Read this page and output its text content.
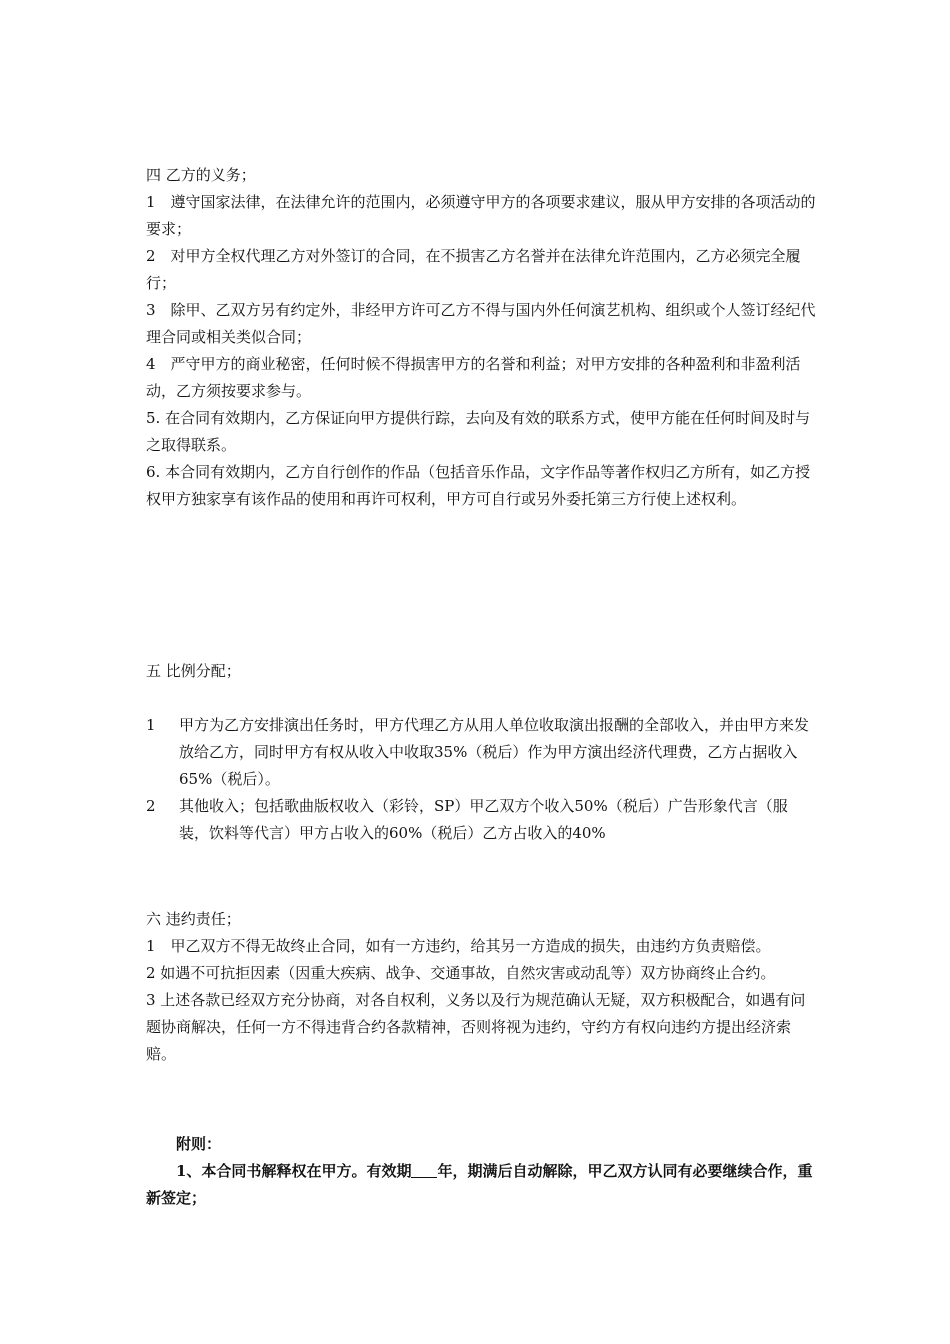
四 乙方的义务；

1　遵守国家法律，在法律允许的范围内，必须遵守甲方的各项要求建议，服从甲方安排的各项活动的要求；

2　对甲方全权代理乙方对外签订的合同，在不损害乙方名誉并在法律允许范围内，乙方必须完全履行；

3　除甲、乙双方另有约定外，非经甲方许可乙方不得与国内外任何演艺机构、组织或个人签订经纪代理合同或相关类似合同；

4　严守甲方的商业秘密，任何时候不得损害甲方的名誉和利益；对甲方安排的各种盈利和非盈利活动，乙方须按要求参与。

5. 在合同有效期内，乙方保证向甲方提供行踪，去向及有效的联系方式，使甲方能在任何时间及时与之取得联系。

6. 本合同有效期内，乙方自行创作的作品（包括音乐作品，文字作品等著作权归乙方所有，如乙方授权甲方独家享有该作品的使用和再许可权利，甲方可自行或另外委托第三方行使上述权利。

五 比例分配；

1	甲方为乙方安排演出任务时，甲方代理乙方从用人单位收取演出报酬的全部收入，并由甲方来发放给乙方，同时甲方有权从收入中收取35%（税后）作为甲方演出经济代理费，乙方占据收入65%（税后）。
2	其他收入；包括歌曲版权收入（彩铃，SP）甲乙双方个收入50%（税后）广告形象代言（服装，饮料等代言）甲方占收入的60%（税后）乙方占收入的40%

六 违约责任；

1　甲乙双方不得无故终止合同，如有一方违约，给其另一方造成的损失，由违约方负责赔偿。

2 如遇不可抗拒因素（因重大疾病、战争、交通事故，自然灾害或动乱等）双方协商终止合约。

3 上述各款已经双方充分协商，对各自权利，义务以及行为规范确认无疑，双方积极配合，如遇有问题协商解决，任何一方不得违背合约各款精神，否则将视为违约，守约方有权向违约方提出经济索赔。

附则：

1、本合同书解释权在甲方。有效期 年，期满后自动解除，甲乙双方认同有必要继续合作，重新签定；
